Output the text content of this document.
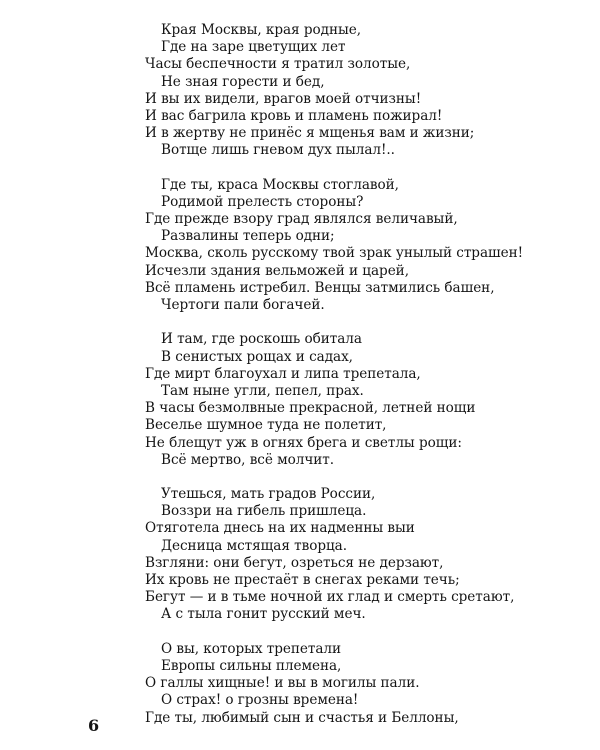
Края Москвы, края родные,
Где на заре цветущих лет
Часы беспечности я тратил золотые,
Не зная горести и бед,
И вы их видели, врагов моей отчизны!
И вас багрила кровь и пламень пожирал!
И в жертву не принёс я мщенья вам и жизни;
Вотще лишь гневом дух пылал!..
Где ты, краса Москвы стоглавой,
Родимой прелесть стороны?
Где прежде взору град являлся величавый,
Развалины теперь одни;
Москва, сколь русскому твой зрак унылый страшен!
Исчезли здания вельможей и царей,
Всё пламень истребил. Венцы затмились башен,
Чертоги пали богачей.
И там, где роскошь обитала
В сенистых рощах и садах,
Где мирт благоухал и липа трепетала,
Там ныне угли, пепел, прах.
В часы безмолвные прекрасной, летней нощи
Веселье шумное туда не полетит,
Не блещут уж в огнях брега и светлы рощи:
Всё мертво, всё молчит.
Утешься, мать градов России,
Воззри на гибель пришлеца.
Отяготела днесь на их надменны выи
Десница мстящая творца.
Взгляни: они бегут, озреться не дерзают,
Их кровь не престаёт в снегах реками течь;
Бегут — и в тьме ночной их глад и смерть сретают,
А с тыла гонит русский меч.
О вы, которых трепетали
Европы сильны племена,
О галлы хищные! и вы в могилы пали.
О страх! о грозны времена!
Где ты, любимый сын и счастья и Беллоны,
6
